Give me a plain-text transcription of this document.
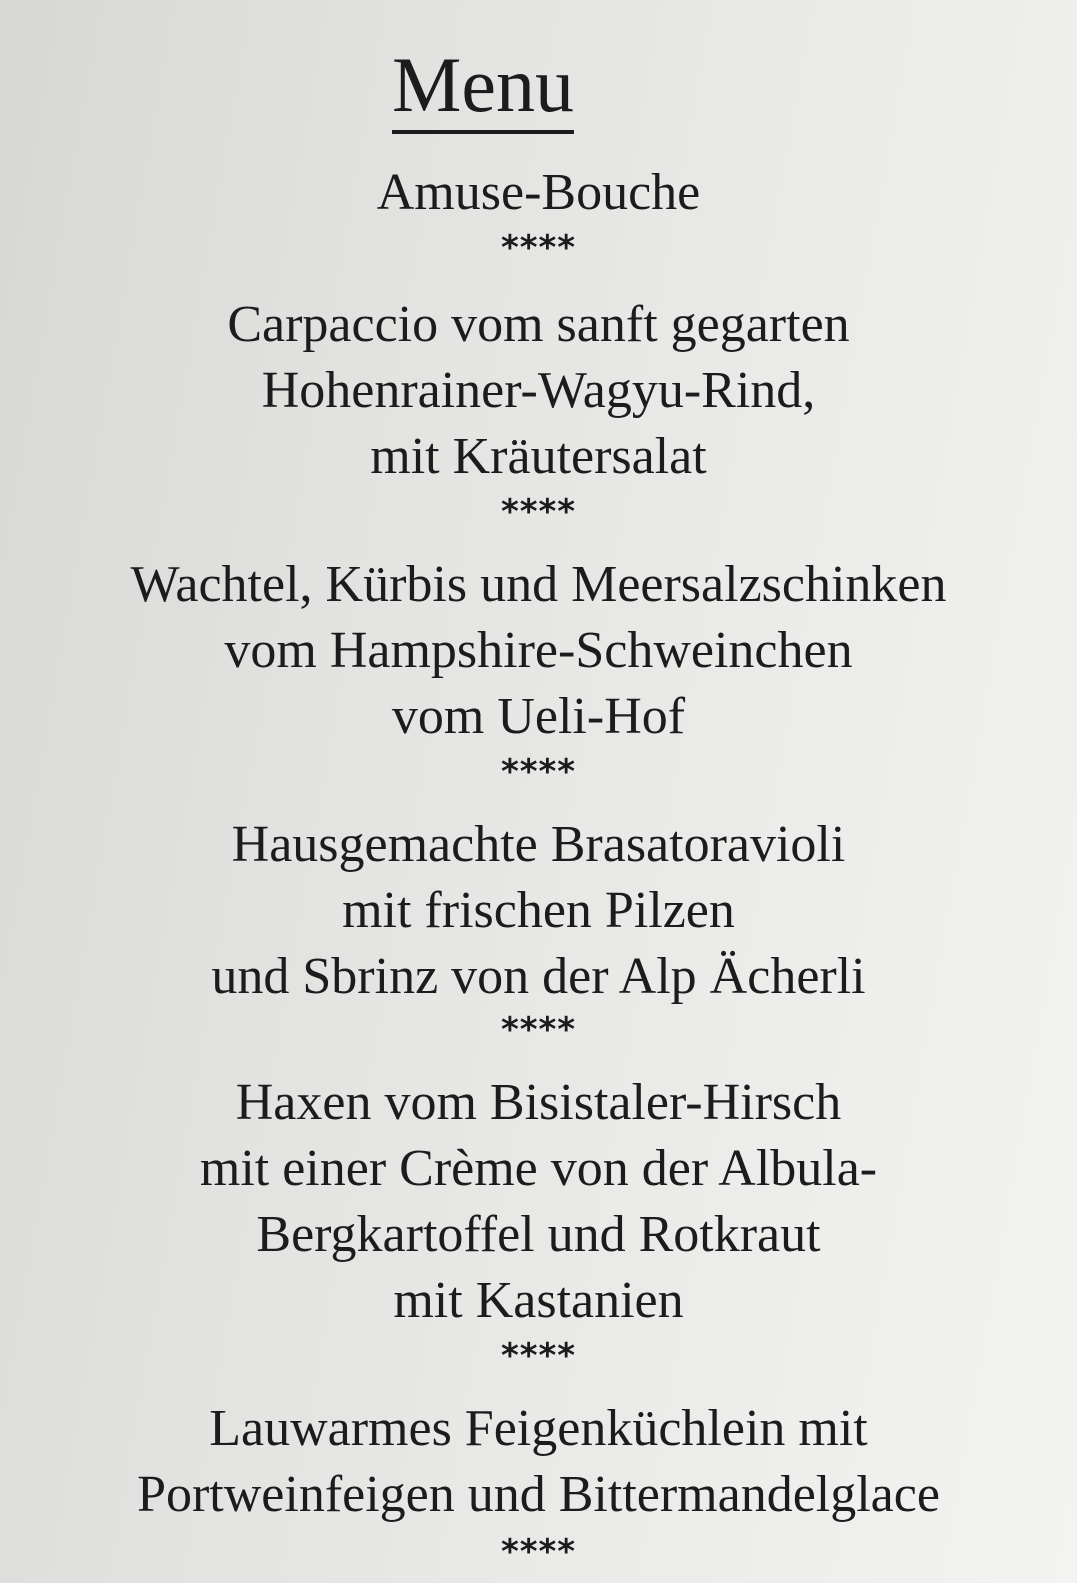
Menu
Amuse-Bouche
****
Carpaccio vom sanft gegarten
Hohenrainer-Wagyu-Rind,
mit Kräutersalat
****
Wachtel, Kürbis und Meersalzschinken
vom Hampshire-Schweinchen
vom Ueli-Hof
****
Hausgemachte Brasatoravioli
mit frischen Pilzen
und Sbrinz von der Alp Ächerli
****
Haxen vom Bisistaler-Hirsch
mit einer Crème von der Albula-
Bergkartoffel und Rotkraut
mit Kastanien
****
Lauwarmes Feigenküchlein mit
Portweinfeigen und Bittermandelglace
****
